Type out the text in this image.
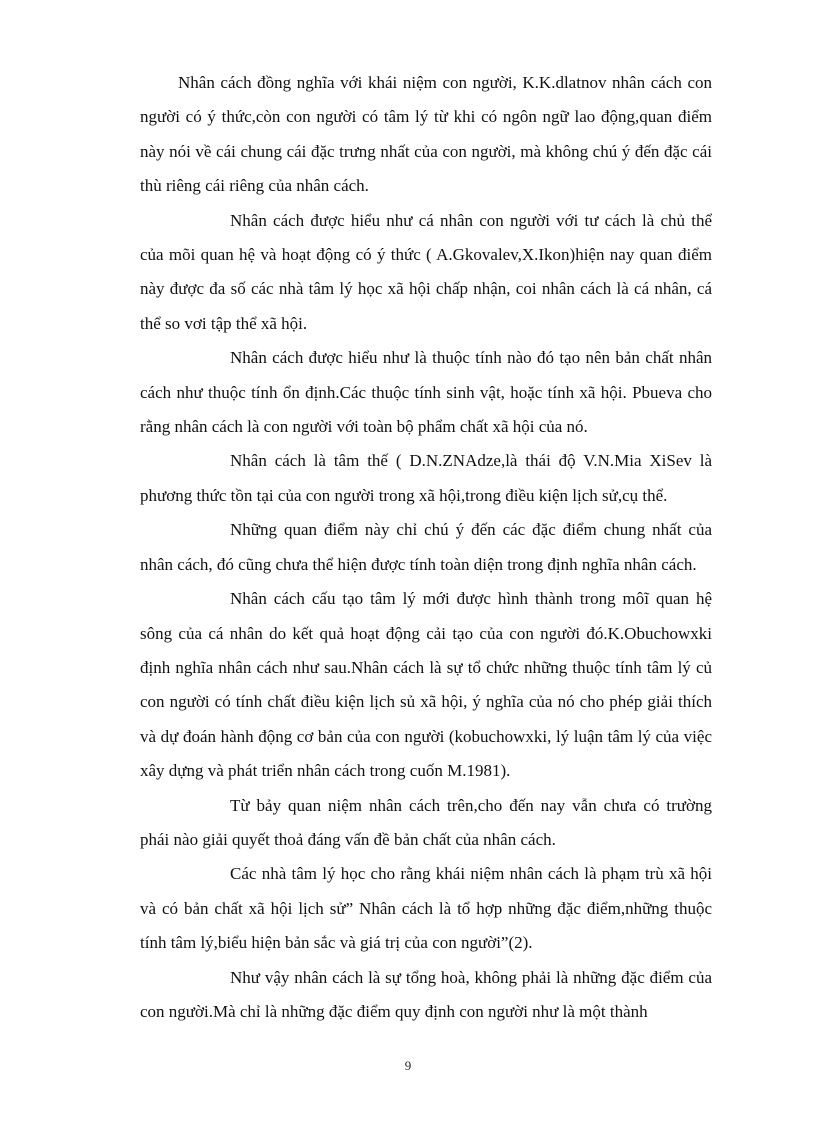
Nhân cách đồng nghĩa với khái niệm con người, K.K.dlatnov nhân cách con người có ý thức,còn con người có tâm lý từ khi có ngôn ngữ lao động,quan điểm này nói về cái chung cái đặc trưng nhất của con người, mà không chú ý đến đặc cái thù riêng cái riêng của nhân cách.

Nhân cách được hiểu như cá nhân con người với tư cách là chủ thể của mõi quan hệ và hoạt động có ý thức ( A.Gkovalev,X.Ikon)hiện nay quan điểm này được đa số các nhà tâm lý học xã hội chấp nhận, coi nhân cách là cá nhân, cá thể so vơi tập thể xã hội.

Nhân cách được hiểu như là thuộc tính nào đó tạo nên bản chất nhân cách như thuộc tính ổn định.Các thuộc tính sinh vật, hoặc tính xã hội. Pbueva cho rằng nhân cách là con người với toàn bộ phẩm chất xã hội của nó.

Nhân cách là tâm thế ( D.N.ZNAdze,là thái độ V.N.Mia XiSev là phương thức tồn tại của con người trong xã hội,trong điều kiện lịch sử,cụ thể.

Những quan điểm này chỉ chú ý đến các đặc điểm chung nhất của nhân cách, đó cũng chưa thể hiện được tính toàn diện trong định nghĩa nhân cách.

Nhân cách cấu tạo tâm lý mới được hình thành trong môĩ quan hệ sông của cá nhân do kết quả hoạt động cải tạo của con người đó.K.Obuchowxki định nghĩa nhân cách như sau.Nhân cách là sự tổ chức những thuộc tính tâm lý củ con người có tính chất điều kiện lịch sủ xã hội, ý nghĩa của nó cho phép giải thích và dự đoán hành động cơ bản của con người (kobuchowxki, lý luận tâm lý của việc xây dựng và phát triển nhân cách trong cuốn M.1981).

Từ bảy quan niệm nhân cách trên,cho đến nay vẫn chưa có trường phái nào giải quyết thoả đáng vấn đề bản chất của nhân cách.

Các nhà tâm lý học cho rằng khái niệm nhân cách là phạm trù xã hội và có bản chất xã hội lịch sử” Nhân cách là tổ hợp những đặc điểm,những thuộc tính tâm lý,biểu hiện bản sắc và giá trị của con người”(2).

Như vậy nhân cách là sự tổng hoà, không phải là những đặc điểm của con người.Mà chỉ là những đặc điểm quy định con người như là một thành

9
